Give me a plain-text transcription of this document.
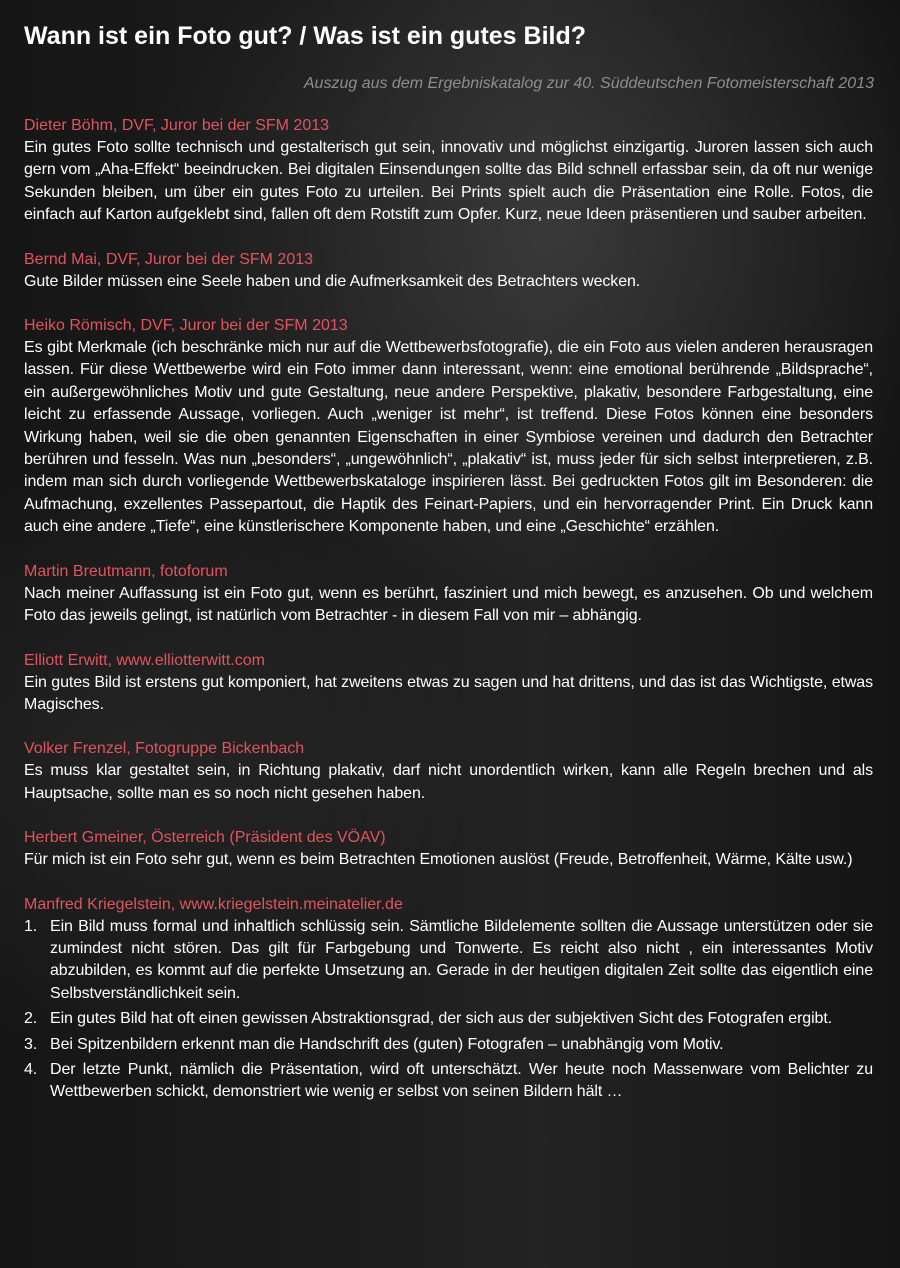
Wann ist ein Foto gut? / Was ist ein gutes Bild?

Auszug aus dem Ergebniskatalog zur 40. Süddeutschen Fotomeisterschaft 2013

Dieter Böhm, DVF, Juror bei der SFM 2013

Ein gutes Foto sollte technisch und gestalterisch gut sein, innovativ und möglichst einzigartig. Juroren lassen sich auch gern vom „Aha-Effekt“ beeindrucken. Bei digitalen Einsendungen sollte das Bild schnell erfassbar sein, da oft nur wenige Sekunden bleiben, um über ein gutes Foto zu urteilen. Bei Prints spielt auch die Präsentation eine Rolle. Fotos, die einfach auf Karton aufgeklebt sind, fallen oft dem Rotstift zum Opfer. Kurz, neue Ideen präsentieren und sauber arbeiten.

Bernd Mai, DVF, Juror bei der SFM 2013

Gute Bilder müssen eine Seele haben und die Aufmerksamkeit des Betrachters wecken.

Heiko Römisch, DVF, Juror bei der SFM 2013

Es gibt Merkmale (ich beschränke mich nur auf die Wettbewerbsfotografie), die ein Foto aus vielen anderen herausragen lassen. Für diese Wettbewerbe wird ein Foto immer dann interessant, wenn: eine emotional berührende „Bildsprache“, ein außergewöhnliches Motiv und gute Gestaltung, neue andere Perspektive, plakativ, besondere Farbgestaltung, eine leicht zu erfassende Aussage, vorliegen. Auch „weniger ist mehr“, ist treffend. Diese Fotos können eine besonders Wirkung haben, weil sie die oben genannten Eigenschaften in einer Symbiose vereinen und dadurch den Betrachter berühren und fesseln. Was nun „besonders“, „ungewöhnlich“, „plakativ“ ist, muss jeder für sich selbst interpretieren, z.B. indem man sich durch vorliegende Wettbewerbskataloge inspirieren lässt. Bei gedruckten Fotos gilt im Besonderen: die Aufmachung, exzellentes Passepartout, die Haptik des Feinart-Papiers, und ein hervorragender Print. Ein Druck kann auch eine andere „Tiefe“, eine künstlerischere Komponente haben, und eine „Geschichte“ erzählen.

Martin Breutmann, fotoforum

Nach meiner Auffassung ist ein Foto gut, wenn es berührt, fasziniert und mich bewegt, es anzusehen. Ob und welchem Foto das jeweils gelingt, ist natürlich vom Betrachter - in diesem Fall von mir – abhängig.

Elliott Erwitt, www.elliotterwitt.com

Ein gutes Bild ist erstens gut komponiert, hat zweitens etwas zu sagen und hat drittens, und das ist das Wichtigste, etwas Magisches.

Volker Frenzel, Fotogruppe Bickenbach

Es muss klar gestaltet sein, in Richtung plakativ, darf nicht unordentlich wirken, kann alle Regeln brechen und als Hauptsache, sollte man es so noch nicht gesehen haben.

Herbert Gmeiner, Österreich (Präsident des VÖAV)

Für mich ist ein Foto sehr gut, wenn es beim Betrachten Emotionen auslöst (Freude, Betroffenheit, Wärme, Kälte usw.)

Manfred Kriegelstein, www.kriegelstein.meinatelier.de

1. Ein Bild muss formal und inhaltlich schlüssig sein. Sämtliche Bildelemente sollten die Aussage unterstützen oder sie zumindest nicht stören. Das gilt für Farbgebung und Tonwerte. Es reicht also nicht , ein interessantes Motiv abzubilden, es kommt auf die perfekte Umsetzung an. Gerade in der heutigen digitalen Zeit sollte das eigentlich eine Selbstverständlichkeit sein.
2. Ein gutes Bild hat oft einen gewissen Abstraktionsgrad, der sich aus der subjektiven Sicht des Fotografen ergibt.
3. Bei Spitzenbildern erkennt man die Handschrift des (guten) Fotografen – unabhängig vom Motiv.
4. Der letzte Punkt, nämlich die Präsentation, wird oft unterschätzt. Wer heute noch Massenware vom Belichter zu Wettbewerben schickt, demonstriert wie wenig er selbst von seinen Bildern hält …
